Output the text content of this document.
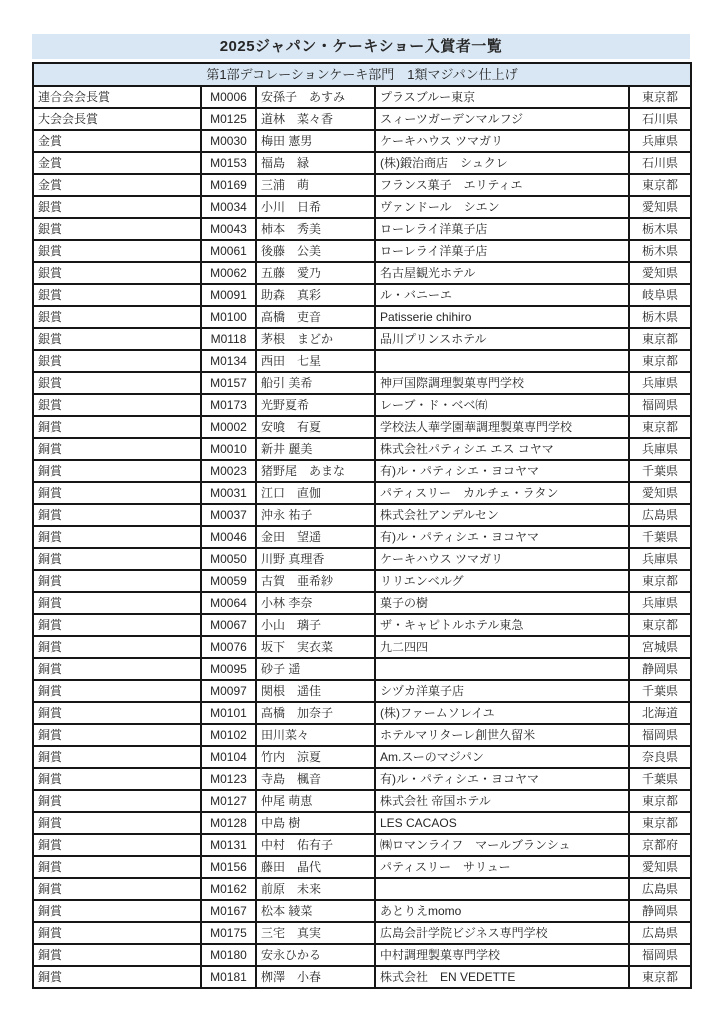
2025ジャパン・ケーキショー入賞者一覧
第1部デコレーションケーキ部門　1類マジパン仕上げ				
連合会会長賞	M0006	安孫子　あすみ	プラスブルー東京	東京都
大会会長賞	M0125	道林　菜々香	スィーツガーデンマルフジ	石川県
金賞	M0030	梅田 憲男	ケーキハウス ツマガリ	兵庫県
金賞	M0153	福島　緑	(株)鍛治商店　シュクレ	石川県
金賞	M0169	三浦　萌	フランス菓子　エリティエ	東京都
銀賞	M0034	小川　日希	ヴァンドール　シエン	愛知県
銀賞	M0043	柿本　秀美	ローレライ洋菓子店	栃木県
銀賞	M0061	後藤　公美	ローレライ洋菓子店	栃木県
銀賞	M0062	五藤　愛乃	名古屋観光ホテル	愛知県
銀賞	M0091	助森　真彩	ル・バニーエ	岐阜県
銀賞	M0100	高橋　吏音	Patisserie chihiro	栃木県
銀賞	M0118	茅根　まどか	品川プリンスホテル	東京都
銀賞	M0134	西田　七星		東京都
銀賞	M0157	船引 美希	神戸国際調理製菓専門学校	兵庫県
銀賞	M0173	光野夏希	レーブ・ド・ベベ㈲	福岡県
銅賞	M0002	安喰　有夏	学校法人華学園華調理製菓専門学校	東京都
銅賞	M0010	新井 麗美	株式会社パティシエ エス コヤマ	兵庫県
銅賞	M0023	猪野尾　あまな	有)ル・パティシエ・ヨコヤマ	千葉県
銅賞	M0031	江口　直伽	パティスリー　カルチェ・ラタン	愛知県
銅賞	M0037	沖永 祐子	株式会社アンデルセン	広島県
銅賞	M0046	金田　望遥	有)ル・パティシエ・ヨコヤマ	千葉県
銅賞	M0050	川野 真理香	ケーキハウス ツマガリ	兵庫県
銅賞	M0059	古賀　亜希紗	リリエンベルグ	東京都
銅賞	M0064	小林 李奈	菓子の樹	兵庫県
銅賞	M0067	小山　璃子	ザ・キャピトルホテル東急	東京都
銅賞	M0076	坂下　実衣菜	九二四四	宮城県
銅賞	M0095	砂子 遥		静岡県
銅賞	M0097	関根　遥佳	シヅカ洋菓子店	千葉県
銅賞	M0101	高橋　加奈子	(株)ファームソレイユ	北海道
銅賞	M0102	田川菜々	ホテルマリターレ創世久留米	福岡県
銅賞	M0104	竹内　涼夏	Am.スーのマジパン	奈良県
銅賞	M0123	寺島　楓音	有)ル・パティシエ・ヨコヤマ	千葉県
銅賞	M0127	仲尾 萌恵	株式会社 帝国ホテル	東京都
銅賞	M0128	中島 樹	LES CACAOS	東京都
銅賞	M0131	中村　佑有子	㈱ロマンライフ　マールブランシュ	京都府
銅賞	M0156	藤田　晶代	パティスリー　サリュー	愛知県
銅賞	M0162	前原　未来		広島県
銅賞	M0167	松本 綾菜	あとりえmomo	静岡県
銅賞	M0175	三宅　真実	広島会計学院ビジネス専門学校	広島県
銅賞	M0180	安永ひかる	中村調理製菓専門学校	福岡県
銅賞	M0181	栁澤　小春	株式会社　EN VEDETTE	東京都
